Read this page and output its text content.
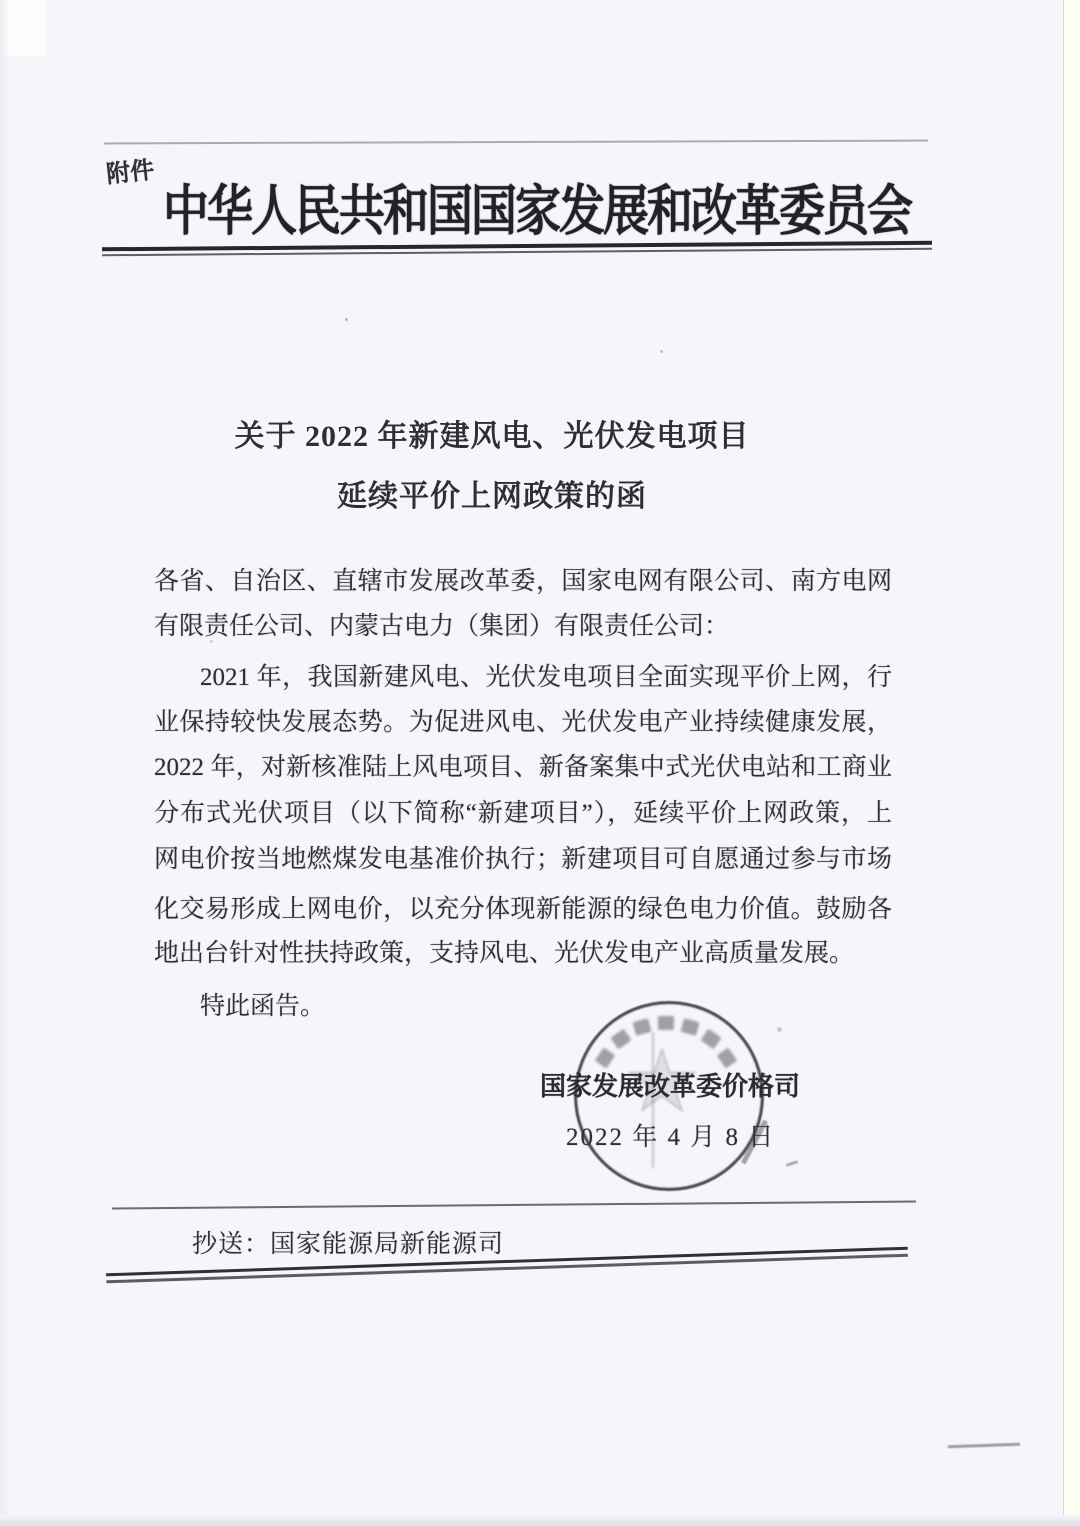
附件
中华人民共和国国家发展和改革委员会
关于 2022 年新建风电、光伏发电项目
延续平价上网政策的函
各省、自治区、直辖市发展改革委，国家电网有限公司、南方电网
有限责任公司、内蒙古电力（集团）有限责任公司：
2021 年，我国新建风电、光伏发电项目全面实现平价上网，行
业保持较快发展态势。为促进风电、光伏发电产业持续健康发展，
2022 年，对新核准陆上风电项目、新备案集中式光伏电站和工商业
分布式光伏项目（以下简称“新建项目”），延续平价上网政策，上
网电价按当地燃煤发电基准价执行；新建项目可自愿通过参与市场
化交易形成上网电价，以充分体现新能源的绿色电力价值。鼓励各
地出台针对性扶持政策，支持风电、光伏发电产业高质量发展。
特此函告。
国家发展改革委价格司
2022 年 4 月 8 日
抄送：国家能源局新能源司
